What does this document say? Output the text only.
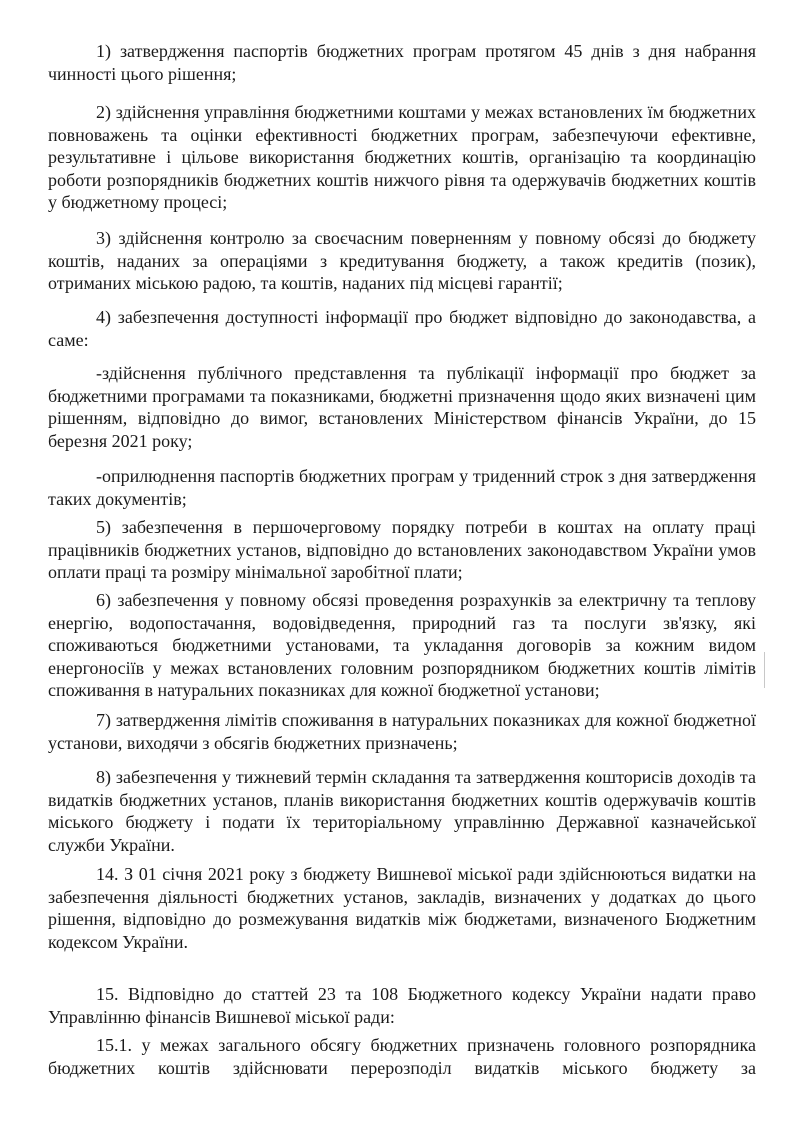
1) затвердження паспортів бюджетних програм протягом 45 днів з дня набрання чинності цього рішення;

2) здійснення управління бюджетними коштами у межах встановлених їм бюджетних повноважень та оцінки ефективності бюджетних програм, забезпечуючи ефективне, результативне і цільове використання бюджетних коштів, організацію та координацію роботи розпорядників бюджетних коштів нижчого рівня та одержувачів бюджетних коштів у бюджетному процесі;

3) здійснення контролю за своєчасним поверненням у повному обсязі до бюджету коштів, наданих за операціями з кредитування бюджету, а також кредитів (позик), отриманих міською радою, та коштів, наданих під місцеві гарантії;

4) забезпечення доступності інформації про бюджет відповідно до законодавства, а саме:

-здійснення публічного представлення та публікації інформації про бюджет за бюджетними програмами та показниками, бюджетні призначення щодо яких визначені цим рішенням, відповідно до вимог, встановлених Міністерством фінансів України, до 15 березня 2021 року;

-оприлюднення паспортів бюджетних програм у триденний строк з дня затвердження таких документів;

5) забезпечення в першочерговому порядку потреби в коштах на оплату праці працівників бюджетних установ, відповідно до встановлених законодавством України умов оплати праці та розміру мінімальної заробітної плати;

6) забезпечення у повному обсязі проведення розрахунків за електричну та теплову енергію, водопостачання, водовідведення, природний газ та послуги зв'язку, які споживаються бюджетними установами, та укладання договорів за кожним видом енергоносіїв у межах встановлених головним розпорядником бюджетних коштів лімітів споживання в натуральних показниках для кожної бюджетної установи;

7) затвердження лімітів споживання в натуральних показниках для кожної бюджетної установи, виходячи з обсягів бюджетних призначень;

8) забезпечення у тижневий термін складання та затвердження кошторисів доходів та видатків бюджетних установ, планів використання бюджетних коштів одержувачів коштів міського бюджету і подати їх територіальному управлінню Державної казначейської служби України.

14. З 01 січня 2021 року з бюджету Вишневої міської ради здійснюються видатки на забезпечення діяльності бюджетних установ, закладів, визначених у додатках до цього рішення, відповідно до розмежування видатків між бюджетами, визначеного Бюджетним кодексом України.

15. Відповідно до статтей 23 та 108 Бюджетного кодексу України надати право Управлінню фінансів Вишневої міської ради:

15.1. у межах загального обсягу бюджетних призначень головного розпорядника бюджетних коштів здійснювати перерозподіл видатків міського бюджету за
